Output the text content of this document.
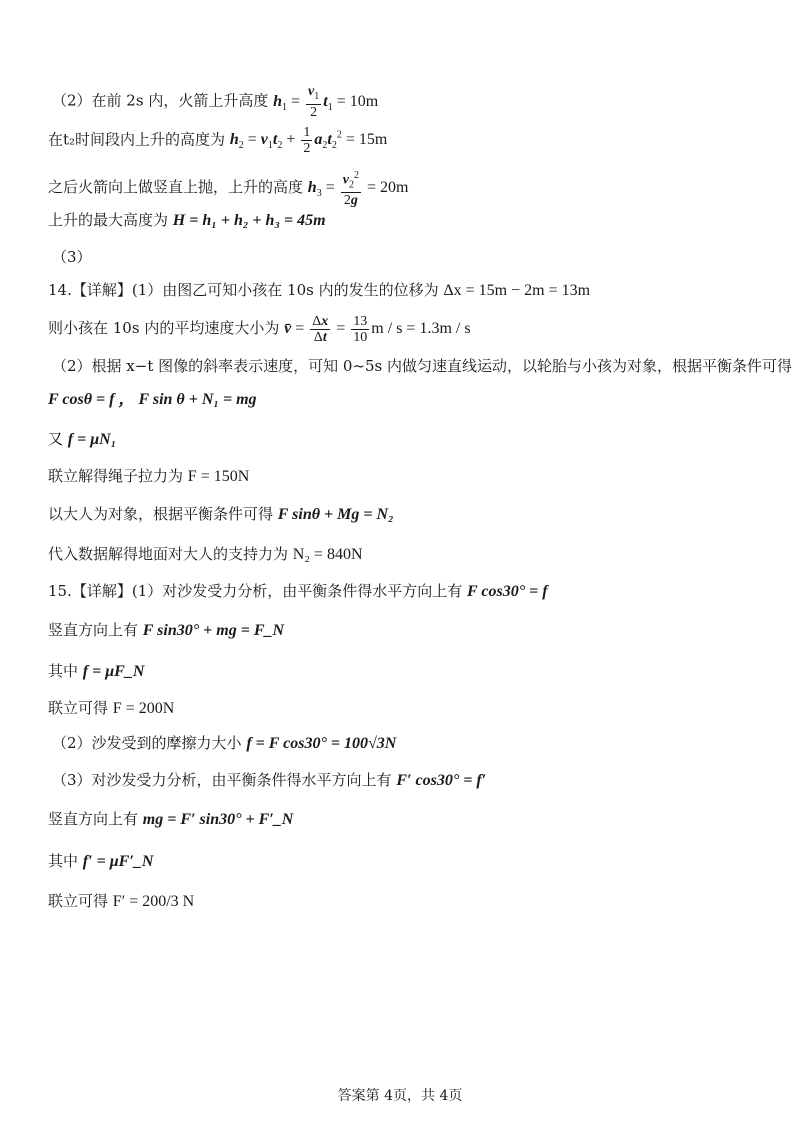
（2）在前 2s 内，火箭上升高度 $h_1 = \frac{v_1}{2} t_1 = 10m$
在t₂时间段内上升的高度为 $h_2 = v_1t_2 + \frac{1}{2} a_2t_2^2 = 15m$
之后火箭向上做竖直上抛，上升的高度 $h_3 = \frac{v_2^2}{2g} = 20m$
上升的最大高度为 H = h₁ + h₂ + h₃ = 45m
（3）
14.【详解】(1）由图乙可知小孩在 10s 内的发生的位移为 Δx = 15m − 2m = 13m
则小孩在 10s 内的平均速度大小为 v̄ = $\frac{\Delta x}{\Delta t} = \frac{13}{10}$ m / s = 1.3m / s
（2）根据 x−t 图像的斜率表示速度，可知 0~5s 内做匀速直线运动，以轮胎与小孩为对象，根据平衡条件可得
F cosθ = f ， F sin θ + N₁ = mg
又 f = μN₁
联立解得绳子拉力为 F = 150N
以大人为对象，根据平衡条件可得 F sinθ + Mg = N₂
代入数据解得地面对大人的支持力为 N₂ = 840N
15.【详解】(1）对沙发受力分析，由平衡条件得水平方向上有 F cos30° = f
竖直方向上有 F sin30° + mg = F_N
其中 f = μF_N
联立可得 F = 200N
（2）沙发受到的摩擦力大小 f = F cos30° = 100√3N
（3）对沙发受力分析，由平衡条件得水平方向上有 F′ cos30° = f′
竖直方向上有 mg = F′ sin30° + F′_N
其中 f′ = μF′_N
联立可得 F′ = 200/3 N
答案第 4页，共 4页
